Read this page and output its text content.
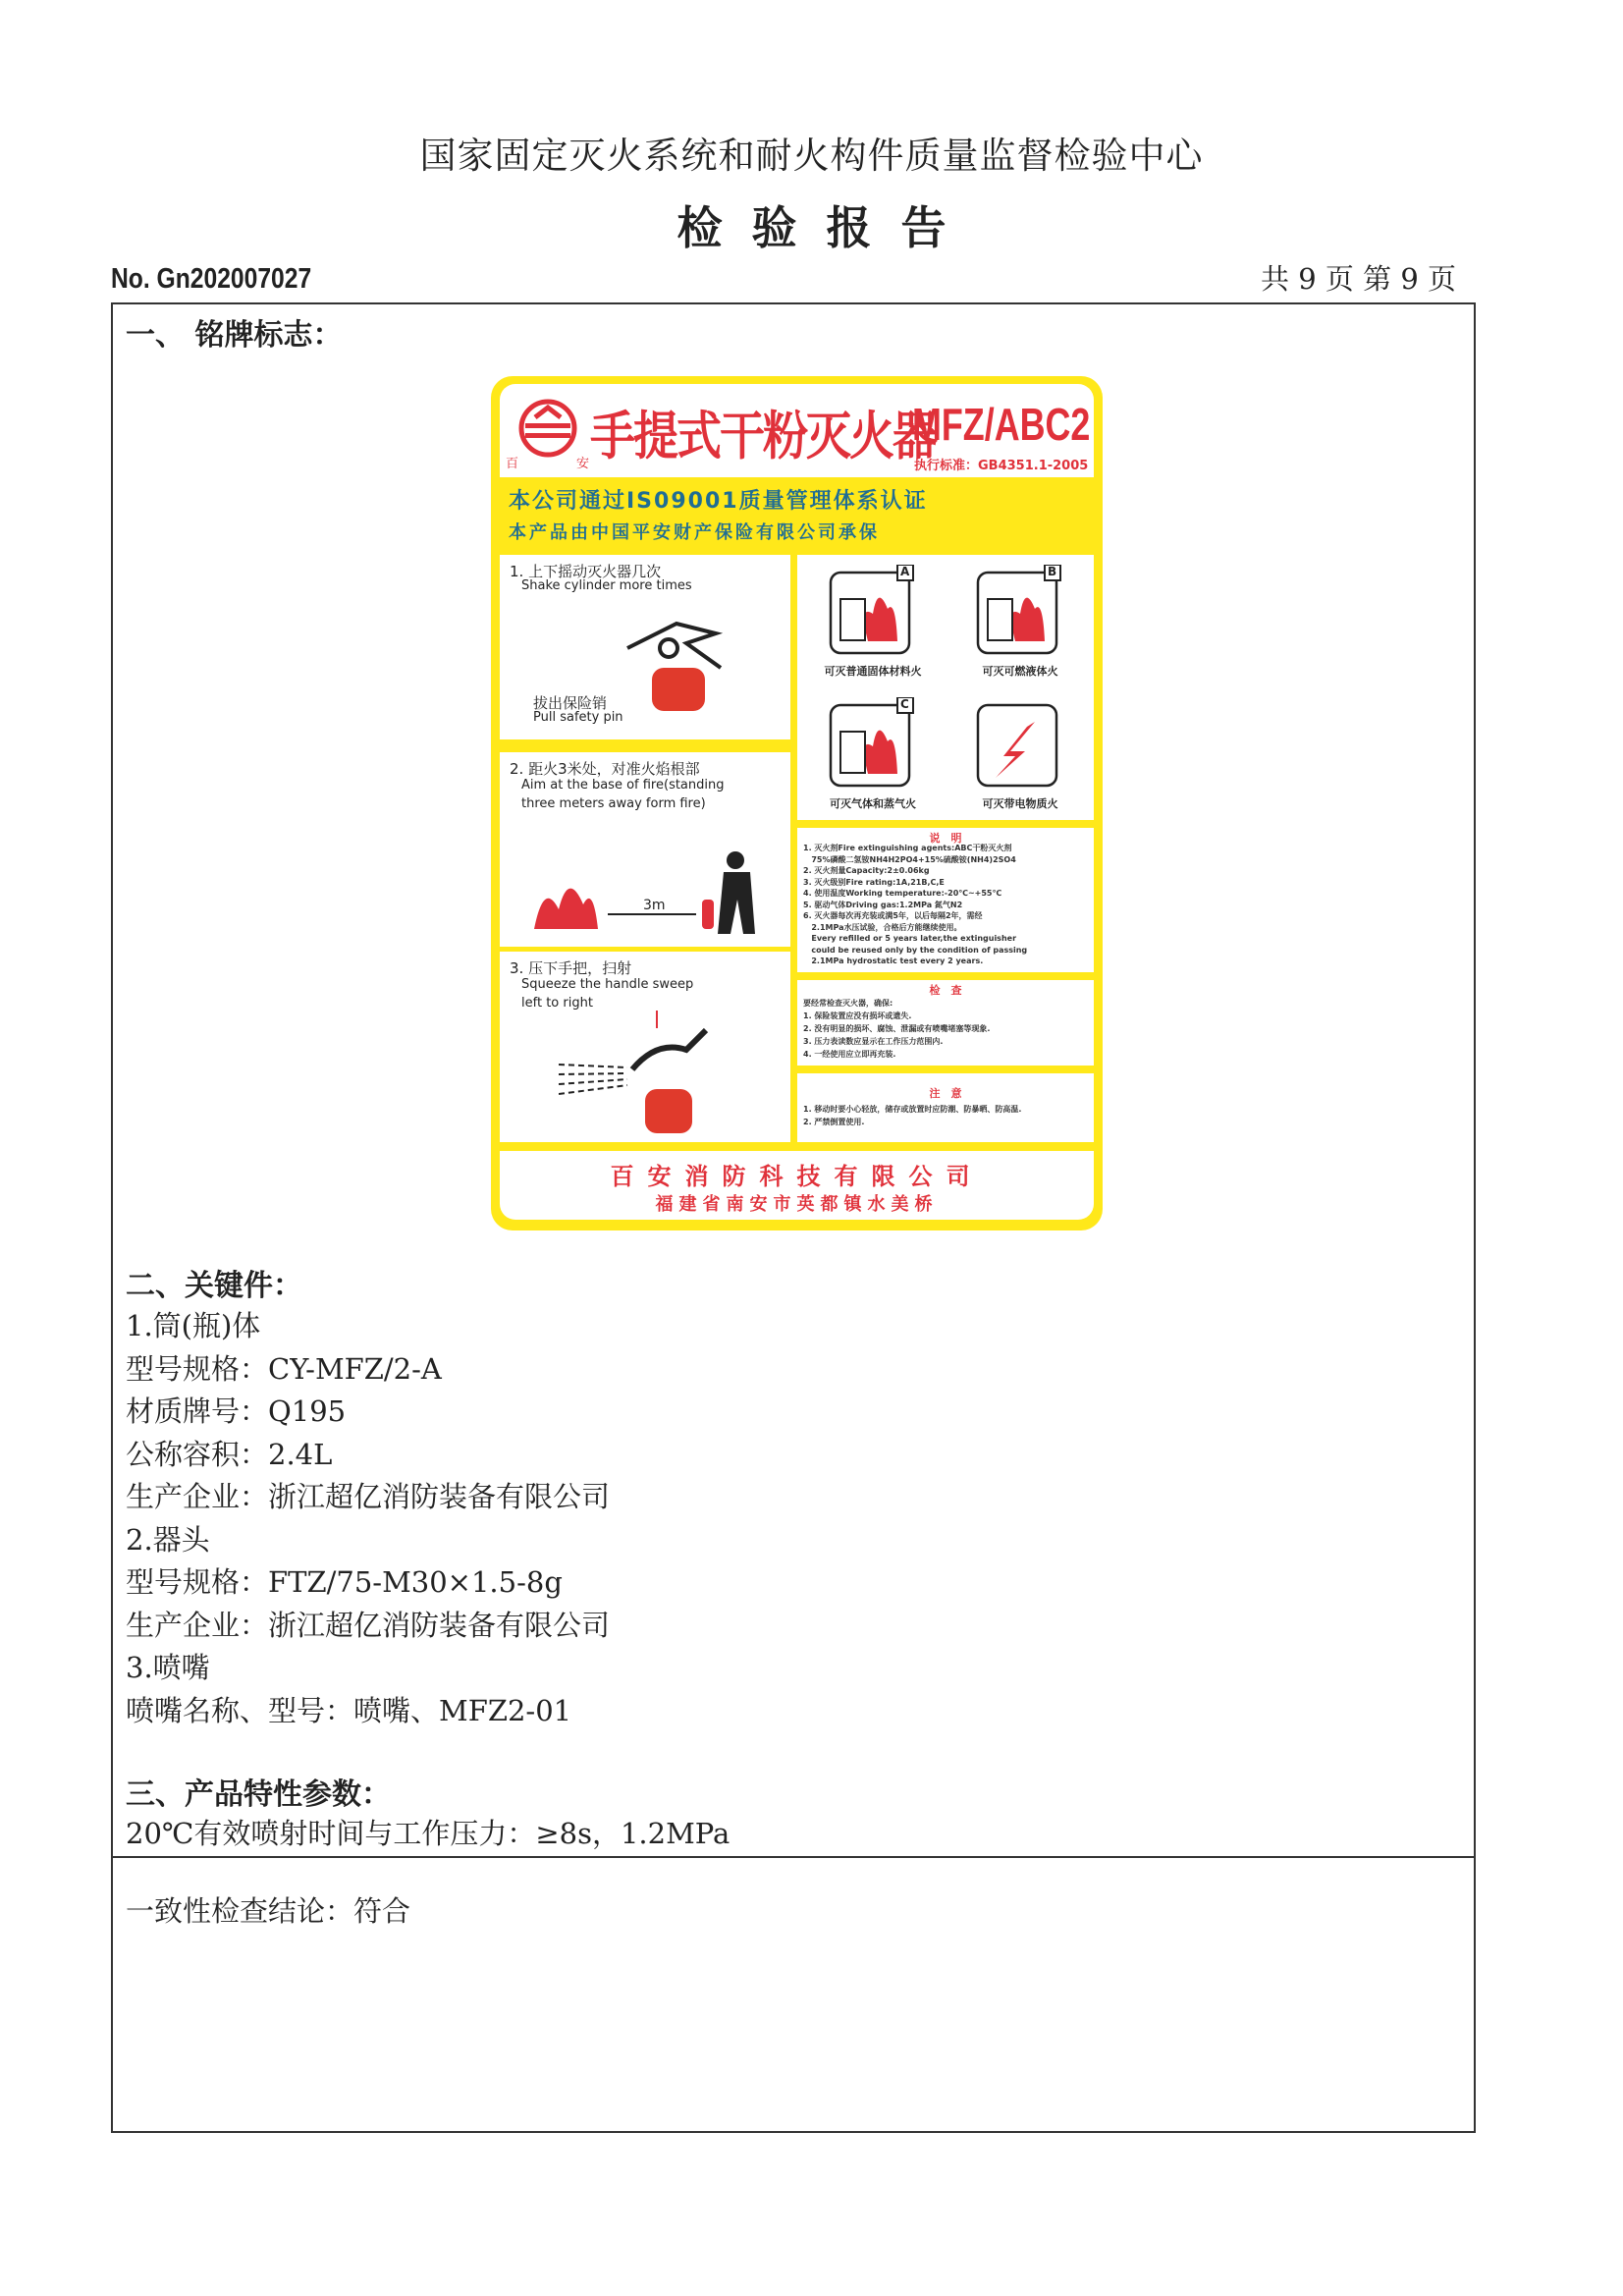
国家固定灭火系统和耐火构件质量监督检验中心
检验报告
No. Gn202007027	共 9 页 第 9 页
一、 铭牌标志：
百	安 手提式干粉灭火器
MFZ/ABC2
执行标准：GB4351.1-2005
本公司通过IS09001质量管理体系认证
本产品由中国平安财产保险有限公司承保
1. 上下摇动灭火器几次
Shake cylinder more times
拔出保险销
Pull safety pin
2. 距火3米处，对准火焰根部
Aim at the base of fire(standing three meters away form fire)
3m
3. 压下手把，扫射
Squeeze the handle sweep left to right
A
可灭普通固体材料火
B
可灭可燃液体火
C
可灭气体和蒸气火	可灭带电物质火
说　明
1. 灭火剂Fire extinguishing agents:ABC干粉灭火剂
75%磷酸二氢铵NH4H2PO4+15%硫酸铵(NH4)2SO4
2. 灭火剂量Capacity:2±0.06kg
3. 灭火级别Fire rating:1A,21B,C,E
4. 使用温度Working temperature:-20℃~+55℃
5. 驱动气体Driving gas:1.2MPa 氮气N2
6. 灭火器每次再充装或满5年，以后每隔2年，需经
2.1MPa水压试验，合格后方能继续使用。
Every refilled or 5 years later,the extinguisher
could be reused only by the condition of passing
2.1MPa hydrostatic test every 2 years.
检　查
要经常检查灭火器，确保:
1. 保险装置应没有损坏或遗失.
2. 没有明显的损坏、腐蚀、泄漏或有喷嘴堵塞等现象.
3. 压力表读数应显示在工作压力范围内.
4. 一经使用应立即再充装.
注　意
1. 移动时要小心轻放，储存或放置时应防潮、防暴晒、防高温.
2. 严禁倒置使用.
百安消防科技有限公司
福建省南安市英都镇水美桥
二、关键件：
1.筒(瓶)体
型号规格：CY-MFZ/2-A
材质牌号：Q195
公称容积：2.4L
生产企业：浙江超亿消防装备有限公司
2.器头
型号规格：FTZ/75-M30×1.5-8g
生产企业：浙江超亿消防装备有限公司
3.喷嘴
喷嘴名称、型号：喷嘴、MFZ2-01
三、产品特性参数：
20℃有效喷射时间与工作压力：≥8s，1.2MPa
一致性检查结论：符合
